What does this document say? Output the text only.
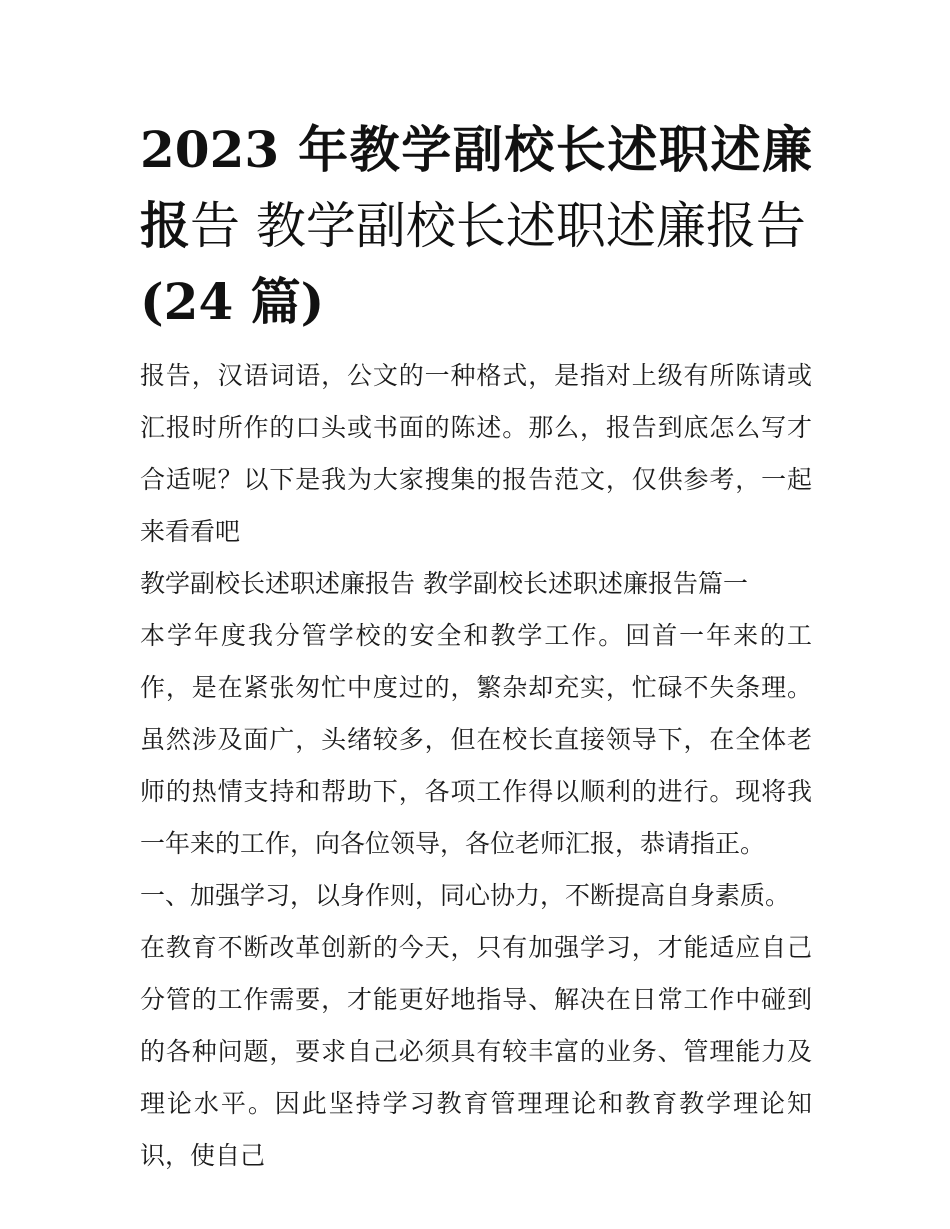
2023 年教学副校长述职述廉报告 教学副校长述职述廉报告
(24 篇)

报告，汉语词语，公文的一种格式，是指对上级有所陈请或汇报时所作的口头或书面的陈述。那么，报告到底怎么写才合适呢？以下是我为大家搜集的报告范文，仅供参考，一起来看看吧

教学副校长述职述廉报告 教学副校长述职述廉报告篇一

本学年度我分管学校的安全和教学工作。回首一年来的工作，是在紧张匆忙中度过的，繁杂却充实，忙碌不失条理。虽然涉及面广，头绪较多，但在校长直接领导下，在全体老师的热情支持和帮助下，各项工作得以顺利的进行。现将我一年来的工作，向各位领导，各位老师汇报，恭请指正。

一、加强学习，以身作则，同心协力，不断提高自身素质。

在教育不断改革创新的今天，只有加强学习，才能适应自己分管的工作需要，才能更好地指导、解决在日常工作中碰到的各种问题，要求自己必须具有较丰富的业务、管理能力及理论水平。因此坚持学习教育管理理论和教育教学理论知识，使自己
